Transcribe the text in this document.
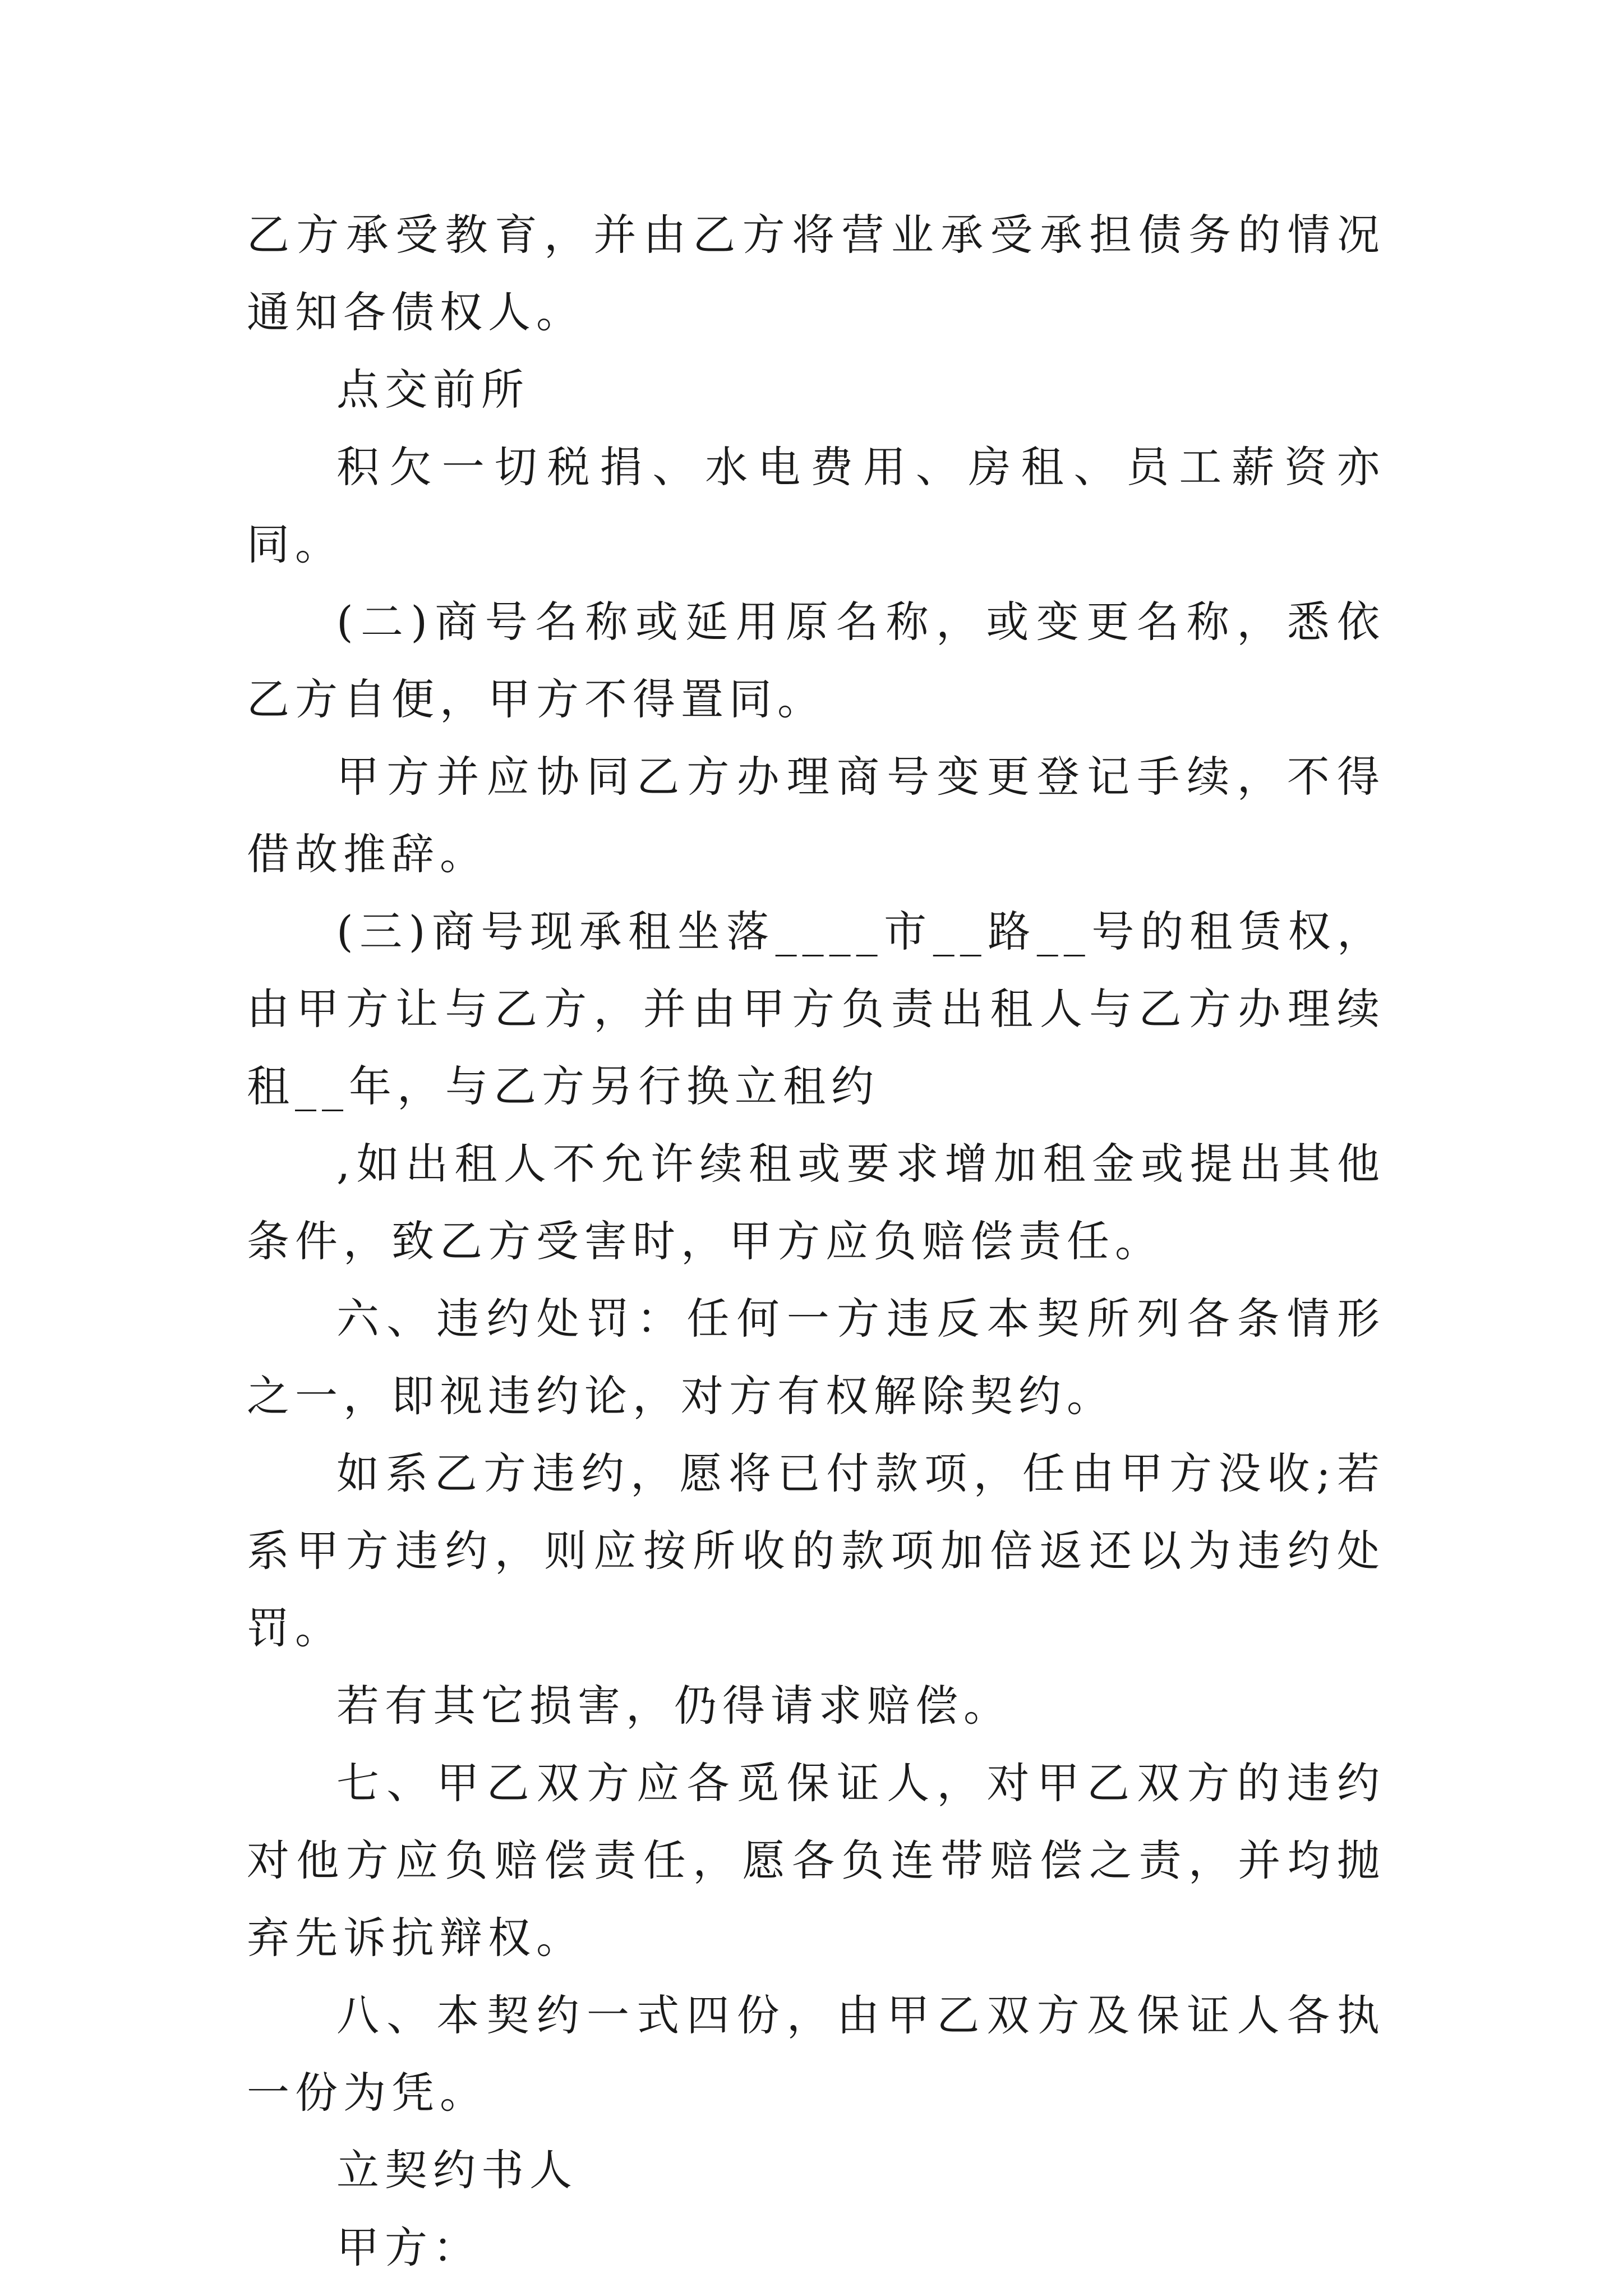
乙方承受教育，并由乙方将营业承受承担债务的情况通知各债权人。

点交前所

积欠一切税捐、水电费用、房租、员工薪资亦同。

(二)商号名称或延用原名称，或变更名称，悉依乙方自便，甲方不得置同。

甲方并应协同乙方办理商号变更登记手续，不得借故推辞。

(三)商号现承租坐落____市__路__号的租赁权，由甲方让与乙方，并由甲方负责出租人与乙方办理续租__年，与乙方另行换立租约

,如出租人不允许续租或要求增加租金或提出其他条件，致乙方受害时，甲方应负赔偿责任。

六、违约处罚：任何一方违反本契所列各条情形之一，即视违约论，对方有权解除契约。

如系乙方违约，愿将已付款项，任由甲方没收;若系甲方违约，则应按所收的款项加倍返还以为违约处罚。

若有其它损害，仍得请求赔偿。

七、甲乙双方应各觅保证人，对甲乙双方的违约对他方应负赔偿责任，愿各负连带赔偿之责，并均抛弃先诉抗辩权。

八、本契约一式四份，由甲乙双方及保证人各执一份为凭。

立契约书人

甲方：
